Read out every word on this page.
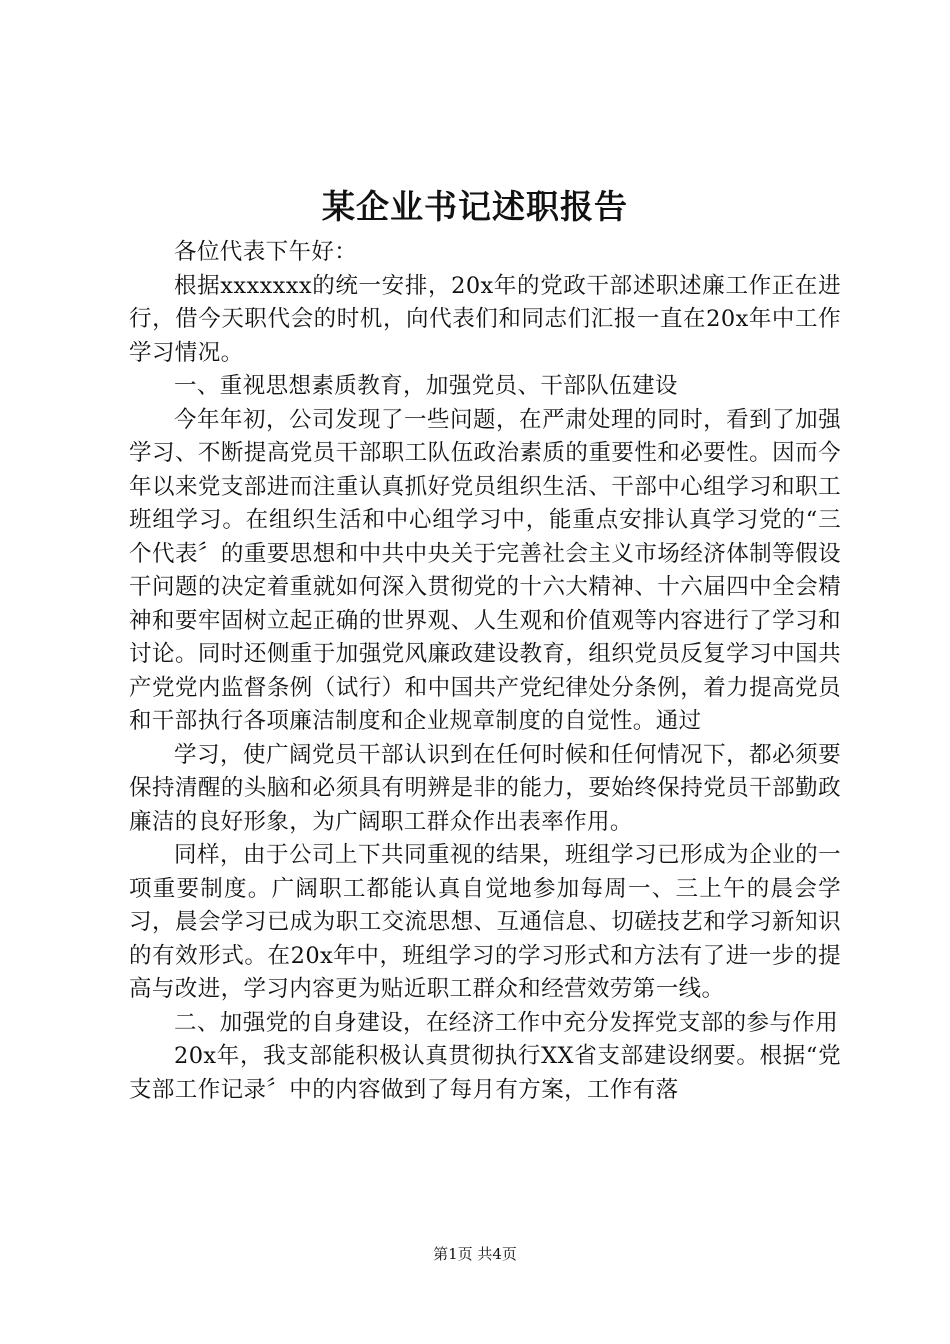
某企业书记述职报告

各位代表下午好：

根据xxxxxxx的统一安排，20x年的党政干部述职述廉工作正在进行，借今天职代会的时机，向代表们和同志们汇报一直在20x年中工作学习情况。

一、重视思想素质教育，加强党员、干部队伍建设

今年年初，公司发现了一些问题，在严肃处理的同时，看到了加强学习、不断提高党员干部职工队伍政治素质的重要性和必要性。因而今年以来党支部进而注重认真抓好党员组织生活、干部中心组学习和职工班组学习。在组织生活和中心组学习中，能重点安排认真学习党的“三个代表〞的重要思想和中共中央关于完善社会主义市场经济体制等假设干问题的决定着重就如何深入贯彻党的十六大精神、十六届四中全会精神和要牢固树立起正确的世界观、人生观和价值观等内容进行了学习和讨论。同时还侧重于加强党风廉政建设教育，组织党员反复学习中国共产党党内监督条例（试行）和中国共产党纪律处分条例，着力提高党员和干部执行各项廉洁制度和企业规章制度的自觉性。通过

学习，使广阔党员干部认识到在任何时候和任何情况下，都必须要保持清醒的头脑和必须具有明辨是非的能力，要始终保持党员干部勤政廉洁的良好形象，为广阔职工群众作出表率作用。

同样，由于公司上下共同重视的结果，班组学习已形成为企业的一项重要制度。广阔职工都能认真自觉地参加每周一、三上午的晨会学习，晨会学习已成为职工交流思想、互通信息、切磋技艺和学习新知识的有效形式。在20x年中，班组学习的学习形式和方法有了进一步的提高与改进，学习内容更为贴近职工群众和经营效劳第一线。

二、加强党的自身建设，在经济工作中充分发挥党支部的参与作用

20x年，我支部能积极认真贯彻执行XX省支部建设纲要。根据“党支部工作记录〞中的内容做到了每月有方案，工作有落

第1页 共4页
